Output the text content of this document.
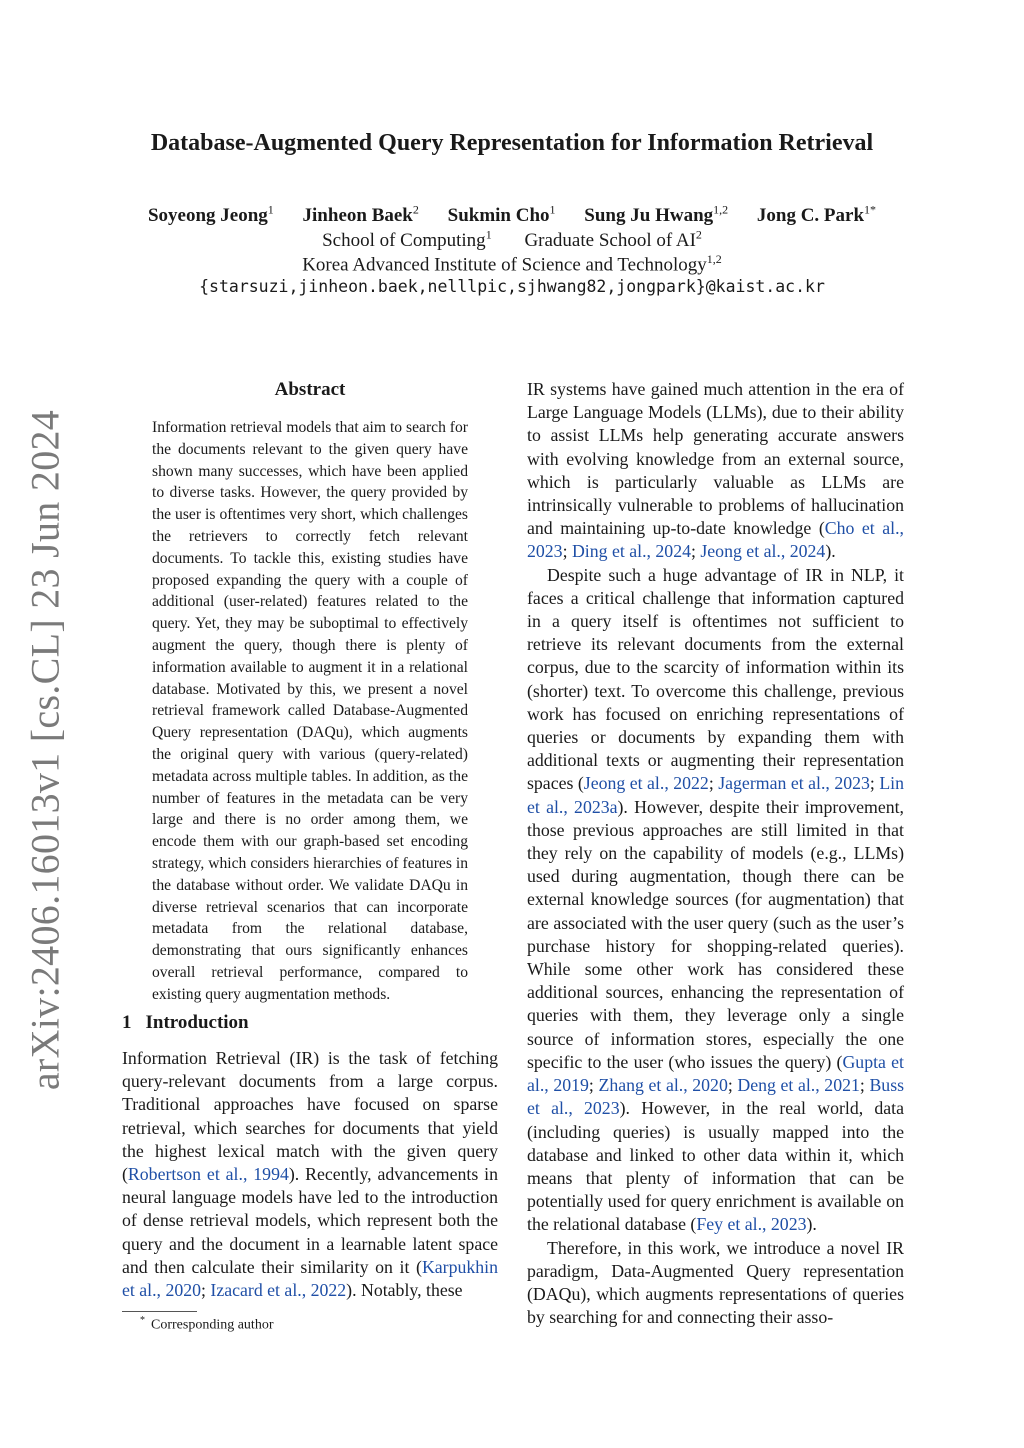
arXiv:2406.16013v1 [cs.CL] 23 Jun 2024
Database-Augmented Query Representation for Information Retrieval
Soyeong Jeong$^1$ Jinheon Baek$^2$ Sukmin Cho$^1$ Sung Ju Hwang$^{1,2}$ Jong C. Park$^{1*}$
School of Computing$^1$ Graduate School of $AI^2$
Korea Advanced Institute of Science and Technology$^{1,2}$
{starsuzi,jinheon.baek,nelllpic,sjhwang82,jongpark}@kaist.ac.kr
Abstract
Information retrieval models that aim to search for the documents relevant to the given query have shown many successes, which have been applied to diverse tasks. However, the query provided by the user is oftentimes very short, which challenges the retrievers to correctly fetch relevant documents. To tackle this, existing studies have proposed expanding the query with a couple of additional (user-related) features related to the query. Yet, they may be suboptimal to effectively augment the query, though there is plenty of information available to augment it in a relational database. Motivated by this, we present a novel retrieval framework called Database-Augmented Query representation (DAQu), which augments the original query with various (query-related) metadata across multiple tables. In addition, as the number of features in the metadata can be very large and there is no order among them, we encode them with our graph-based set encoding strategy, which considers hierarchies of features in the database without order. We validate DAQu in diverse retrieval scenarios that can incorporate metadata from the relational database, demonstrating that ours significantly enhances overall retrieval performance, compared to existing query augmentation methods.
1 Introduction

Information Retrieval (IR) is the task of fetching query-relevant documents from a large corpus. Traditional approaches have focused on sparse retrieval, which searches for documents that yield the highest lexical match with the given query (Robertson et al., 1994). Recently, advancements in neural language models have led to the introduction of dense retrieval models, which represent both the query and the document in a learnable latent space and then calculate their similarity on it (Karpukhin et al., 2020; Izacard et al., 2022). Notably, these

IR systems have gained much attention in the era of Large Language Models (LLMs), due to their ability to assist LLMs help generating accurate answers with evolving knowledge from an external source, which is particularly valuable as LLMs are intrinsically vulnerable to problems of hallucination and maintaining up-to-date knowledge (Cho et al., 2023; Ding et al., 2024; Jeong et al., 2024).

Despite such a huge advantage of IR in NLP, it faces a critical challenge that information captured in a query itself is oftentimes not sufficient to retrieve its relevant documents from the external corpus, due to the scarcity of information within its (shorter) text. To overcome this challenge, previous work has focused on enriching representations of queries or documents by expanding them with additional texts or augmenting their representation spaces (Jeong et al., 2022; Jagerman et al., 2023; Lin et al., 2023a). However, despite their improvement, those previous approaches are still limited in that they rely on the capability of models (e.g., LLMs) used during augmentation, though there can be external knowledge sources (for augmentation) that are associated with the user query (such as the user’s purchase history for shopping-related queries). While some other work has considered these additional sources, enhancing the representation of queries with them, they leverage only a single source of information stores, especially the one specific to the user (who issues the query) (Gupta et al., 2019; Zhang et al., 2020; Deng et al., 2021; Buss et al., 2023). However, in the real world, data (including queries) is usually mapped into the database and linked to other data within it, which means that plenty of information that can be potentially used for query enrichment is available on the relational database (Fey et al., 2023).

Therefore, in this work, we introduce a novel IR paradigm, Data-Augmented Query representation (DAQu), which augments representations of queries by searching for and connecting their asso-

* Corresponding author
